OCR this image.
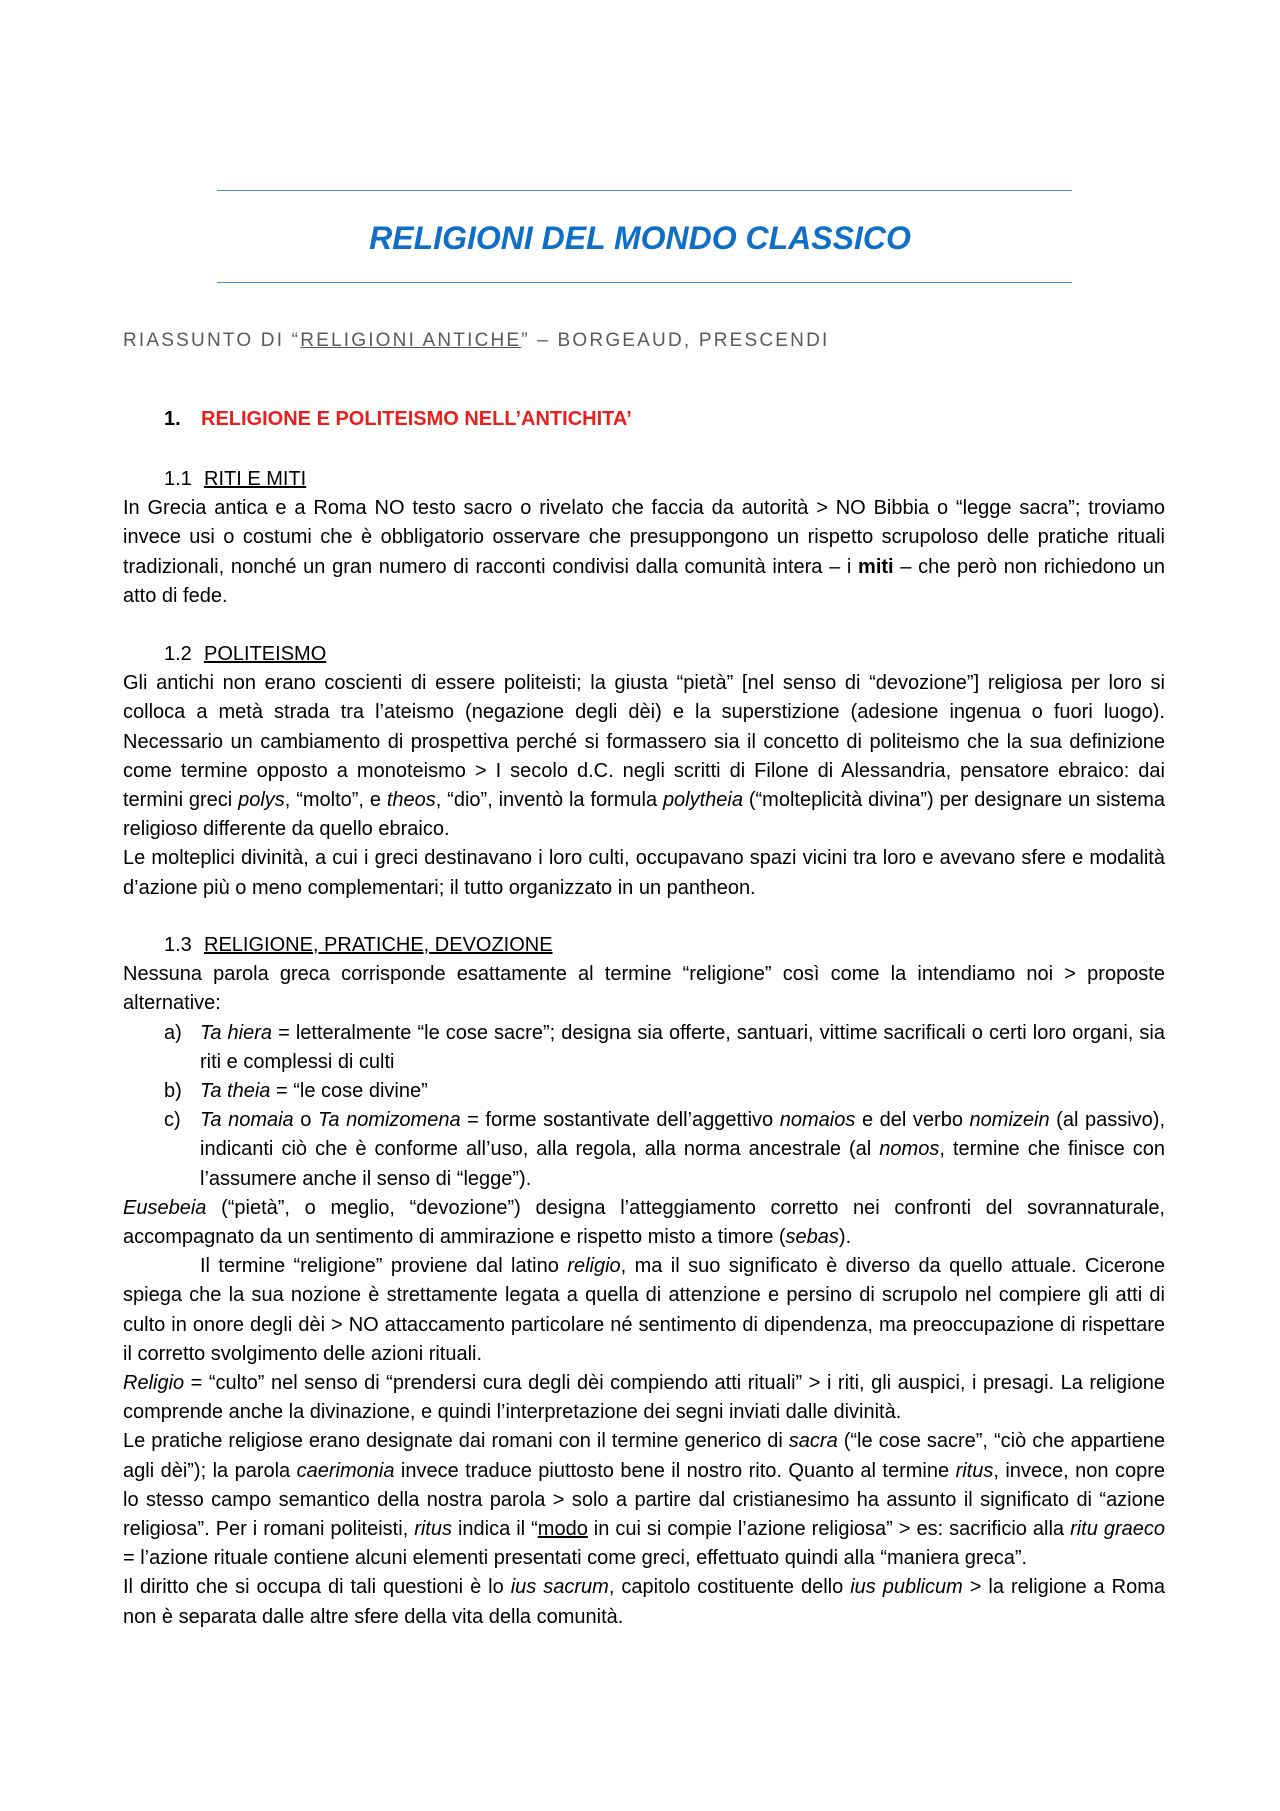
RELIGIONI DEL MONDO CLASSICO
RIASSUNTO DI “RELIGIONI ANTICHE” – BORGEAUD, PRESCENDI
1. RELIGIONE E POLITEISMO NELL’ANTICHITA’
1.1 RITI E MITI

In Grecia antica e a Roma NO testo sacro o rivelato che faccia da autorità > NO Bibbia o “legge sacra”; troviamo invece usi o costumi che è obbligatorio osservare che presuppongono un rispetto scrupoloso delle pratiche rituali tradizionali, nonché un gran numero di racconti condivisi dalla comunità intera – i miti – che però non richiedono un atto di fede.

1.2 POLITEISMO

Gli antichi non erano coscienti di essere politeisti; la giusta “pietà” [nel senso di “devozione”] religiosa per loro si colloca a metà strada tra l’ateismo (negazione degli dèi) e la superstizione (adesione ingenua o fuori luogo). Necessario un cambiamento di prospettiva perché si formassero sia il concetto di politeismo che la sua definizione come termine opposto a monoteismo > I secolo d.C. negli scritti di Filone di Alessandria, pensatore ebraico: dai termini greci polys, “molto”, e theos, “dio”, inventò la formula polytheia (“molteplicità divina”) per designare un sistema religioso differente da quello ebraico.

Le molteplici divinità, a cui i greci destinavano i loro culti, occupavano spazi vicini tra loro e avevano sfere e modalità d’azione più o meno complementari; il tutto organizzato in un pantheon.

1.3 RELIGIONE, PRATICHE, DEVOZIONE

Nessuna parola greca corrisponde esattamente al termine “religione” così come la intendiamo noi > proposte alternative:

a) Ta hiera = letteralmente “le cose sacre”; designa sia offerte, santuari, vittime sacrificali o certi loro organi, sia riti e complessi di culti
b) Ta theia = “le cose divine”
c) Ta nomaia o Ta nomizomena = forme sostantivate dell’aggettivo nomaios e del verbo nomizein (al passivo), indicanti ciò che è conforme all’uso, alla regola, alla norma ancestrale (al nomos, termine che finisce con l’assumere anche il senso di “legge”).

Eusebeia (“pietà”, o meglio, “devozione”) designa l’atteggiamento corretto nei confronti del sovrannaturale, accompagnato da un sentimento di ammirazione e rispetto misto a timore (sebas).

Il termine “religione” proviene dal latino religio, ma il suo significato è diverso da quello attuale. Cicerone spiega che la sua nozione è strettamente legata a quella di attenzione e persino di scrupolo nel compiere gli atti di culto in onore degli dèi > NO attaccamento particolare né sentimento di dipendenza, ma preoccupazione di rispettare il corretto svolgimento delle azioni rituali.

Religio = “culto” nel senso di “prendersi cura degli dèi compiendo atti rituali” > i riti, gli auspici, i presagi. La religione comprende anche la divinazione, e quindi l’interpretazione dei segni inviati dalle divinità.

Le pratiche religiose erano designate dai romani con il termine generico di sacra (“le cose sacre”, “ciò che appartiene agli dèi”); la parola caerimonia invece traduce piuttosto bene il nostro rito. Quanto al termine ritus, invece, non copre lo stesso campo semantico della nostra parola > solo a partire dal cristianesimo ha assunto il significato di “azione religiosa”. Per i romani politeisti, ritus indica il “modo in cui si compie l’azione religiosa” > es: sacrificio alla ritu graeco = l’azione rituale contiene alcuni elementi presentati come greci, effettuato quindi alla “maniera greca”.

Il diritto che si occupa di tali questioni è lo ius sacrum, capitolo costituente dello ius publicum > la religione a Roma non è separata dalle altre sfere della vita della comunità.
